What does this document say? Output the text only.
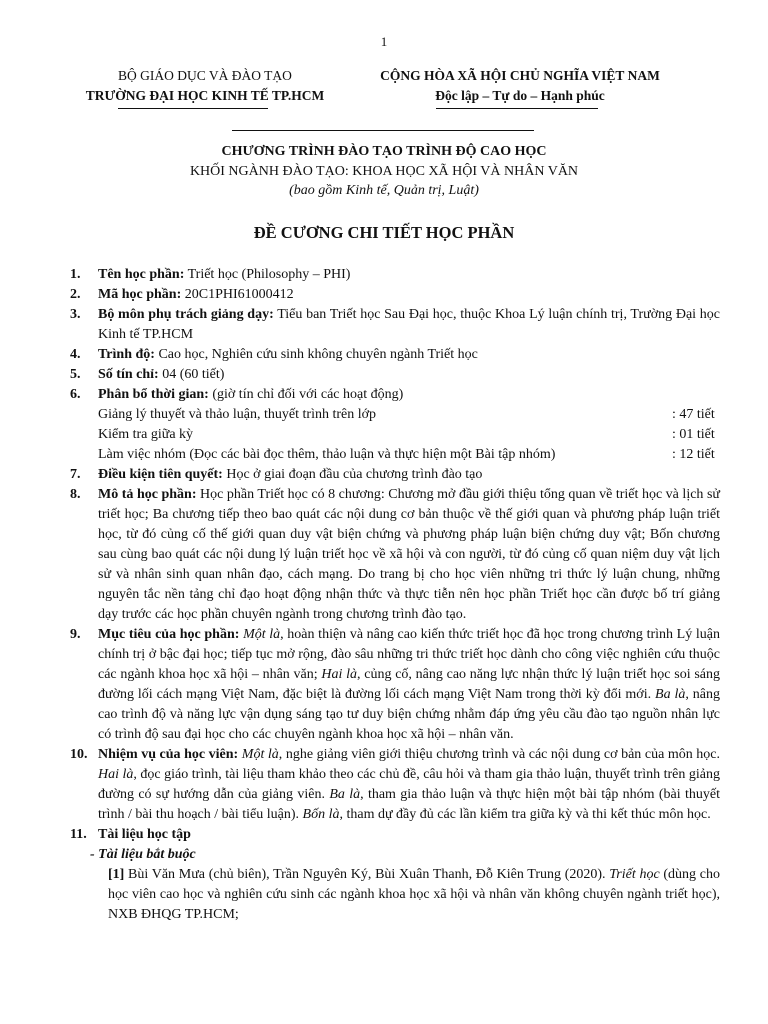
1
BỘ GIÁO DỤC VÀ ĐÀO TẠO
TRƯỜNG ĐẠI HỌC KINH TẾ TP.HCM
CỘNG HÒA XÃ HỘI CHỦ NGHĨA VIỆT NAM
Độc lập – Tự do – Hạnh phúc
CHƯƠNG TRÌNH ĐÀO TẠO TRÌNH ĐỘ CAO HỌC
KHỐI NGÀNH ĐÀO TẠO: KHOA HỌC XÃ HỘI VÀ NHÂN VĂN
(bao gồm Kinh tế, Quản trị, Luật)
ĐỀ CƯƠNG CHI TIẾT HỌC PHẦN
1.	Tên học phần: Triết học (Philosophy – PHI)
2.	Mã học phần: 20C1PHI61000412
3.	Bộ môn phụ trách giảng dạy: Tiểu ban Triết học Sau Đại học, thuộc Khoa Lý luận chính trị, Trường Đại học Kinh tế TP.HCM
4.	Trình độ: Cao học, Nghiên cứu sinh không chuyên ngành Triết học
5.	Số tín chỉ: 04 (60 tiết)
6.	Phân bổ thời gian: (giờ tín chỉ đối với các hoạt động)
Giảng lý thuyết và thảo luận, thuyết trình trên lớp	: 47 tiết
Kiểm tra giữa kỳ	: 01 tiết
Làm việc nhóm (Đọc các bài đọc thêm, thảo luận và thực hiện một Bài tập nhóm)	: 12 tiết
7.	Điều kiện tiên quyết: Học ở giai đoạn đầu của chương trình đào tạo
8.	Mô tả học phần: Học phần Triết học có 8 chương: Chương mở đầu giới thiệu tổng quan về triết học và lịch sử triết học; Ba chương tiếp theo bao quát các nội dung cơ bản thuộc về thế giới quan và phương pháp luận triết học, từ đó củng cố thế giới quan duy vật biện chứng và phương pháp luận biện chứng duy vật; Bốn chương sau cùng bao quát các nội dung lý luận triết học về xã hội và con người, từ đó củng cố quan niệm duy vật lịch sử và nhân sinh quan nhân đạo, cách mạng. Do trang bị cho học viên những tri thức lý luận chung, những nguyên tắc nền tảng chỉ đạo hoạt động nhận thức và thực tiễn nên học phần Triết học cần được bố trí giảng dạy trước các học phần chuyên ngành trong chương trình đào tạo.
9.	Mục tiêu của học phần: Một là, hoàn thiện và nâng cao kiến thức triết học đã học trong chương trình Lý luận chính trị ở bậc đại học; tiếp tục mở rộng, đào sâu những tri thức triết học dành cho công việc nghiên cứu thuộc các ngành khoa học xã hội – nhân văn; Hai là, củng cố, nâng cao năng lực nhận thức lý luận triết học soi sáng đường lối cách mạng Việt Nam, đặc biệt là đường lối cách mạng Việt Nam trong thời kỳ đổi mới. Ba là, nâng cao trình độ và năng lực vận dụng sáng tạo tư duy biện chứng nhằm đáp ứng yêu cầu đào tạo nguồn nhân lực có trình độ sau đại học cho các chuyên ngành khoa học xã hội – nhân văn.
10. Nhiệm vụ của học viên: Một là, nghe giảng viên giới thiệu chương trình và các nội dung cơ bản của môn học. Hai là, đọc giáo trình, tài liệu tham khảo theo các chủ đề, câu hỏi và tham gia thảo luận, thuyết trình trên giảng đường có sự hướng dẫn của giảng viên. Ba là, tham gia thảo luận và thực hiện một bài tập nhóm (bài thuyết trình / bài thu hoạch / bài tiểu luận). Bốn là, tham dự đầy đủ các lần kiểm tra giữa kỳ và thi kết thúc môn học.
11. Tài liệu học tập
- Tài liệu bắt buộc
[1] Bùi Văn Mưa (chủ biên), Trần Nguyên Ký, Bùi Xuân Thanh, Đỗ Kiên Trung (2020). Triết học (dùng cho học viên cao học và nghiên cứu sinh các ngành khoa học xã hội và nhân văn không chuyên ngành triết học), NXB ĐHQG TP.HCM;
